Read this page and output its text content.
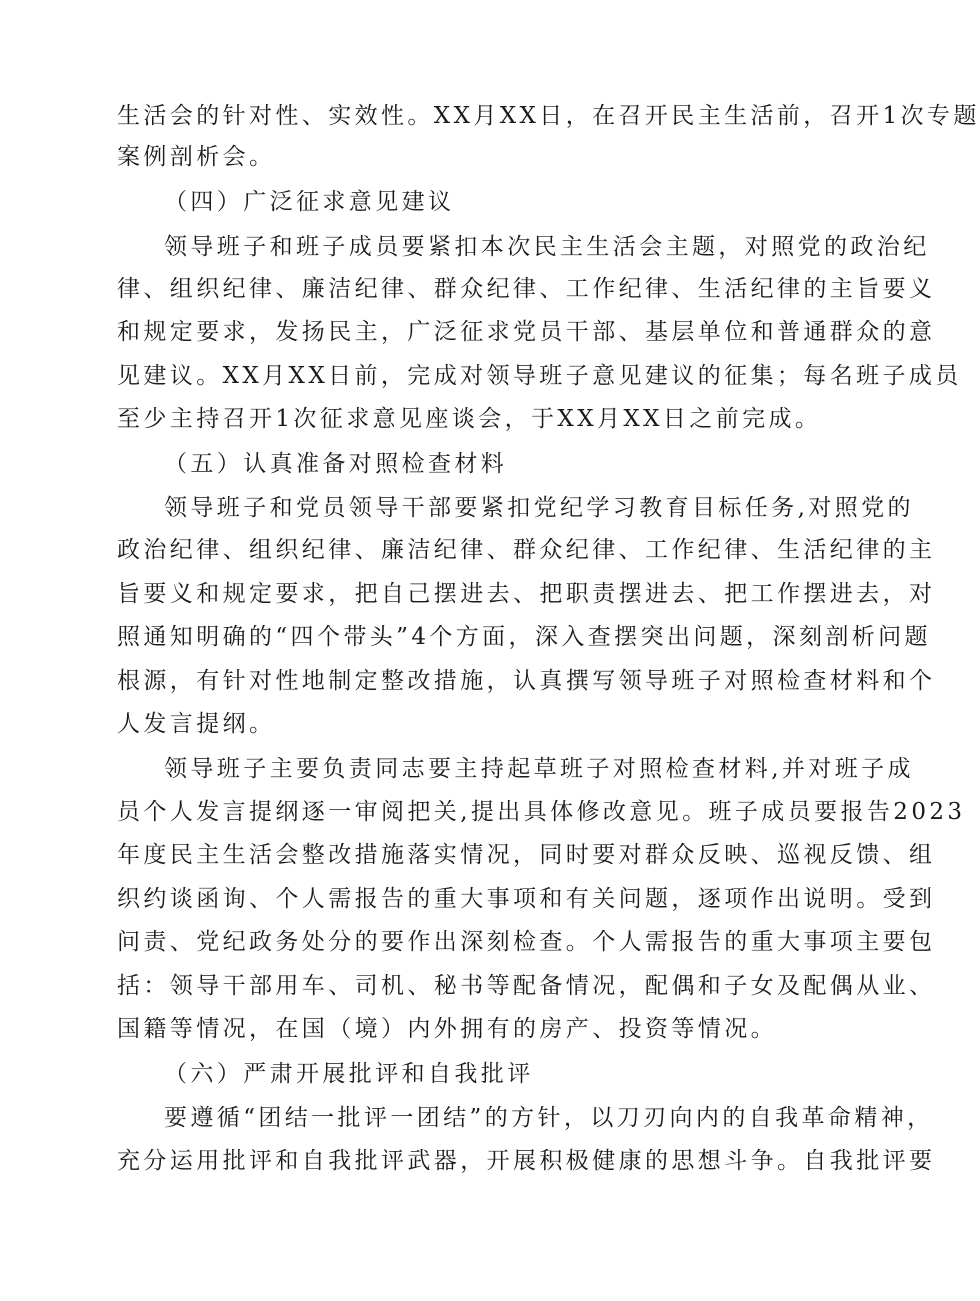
生活会的针对性、实效性。XX月XX日，在召开民主生活前，召开1次专题
案例剖析会。
（四）广泛征求意见建议
领导班子和班子成员要紧扣本次民主生活会主题，对照党的政治纪
律、组织纪律、廉洁纪律、群众纪律、工作纪律、生活纪律的主旨要义
和规定要求，发扬民主，广泛征求党员干部、基层单位和普通群众的意
见建议。XX月XX日前，完成对领导班子意见建议的征集；每名班子成员
至少主持召开1次征求意见座谈会，于XX月XX日之前完成。
（五）认真准备对照检查材料
领导班子和党员领导干部要紧扣党纪学习教育目标任务,对照党的
政治纪律、组织纪律、廉洁纪律、群众纪律、工作纪律、生活纪律的主
旨要义和规定要求，把自己摆进去、把职责摆进去、把工作摆进去，对
照通知明确的“四个带头”4个方面，深入查摆突出问题，深刻剖析问题
根源，有针对性地制定整改措施，认真撰写领导班子对照检查材料和个
人发言提纲。
领导班子主要负责同志要主持起草班子对照检查材料,并对班子成
员个人发言提纲逐一审阅把关,提出具体修改意见。班子成员要报告2023
年度民主生活会整改措施落实情况，同时要对群众反映、巡视反馈、组
织约谈函询、个人需报告的重大事项和有关问题，逐项作出说明。受到
问责、党纪政务处分的要作出深刻检查。个人需报告的重大事项主要包
括：领导干部用车、司机、秘书等配备情况，配偶和子女及配偶从业、
国籍等情况，在国（境）内外拥有的房产、投资等情况。
（六）严肃开展批评和自我批评
要遵循“团结一批评一团结”的方针，以刀刃向内的自我革命精神，
充分运用批评和自我批评武器，开展积极健康的思想斗争。自我批评要
